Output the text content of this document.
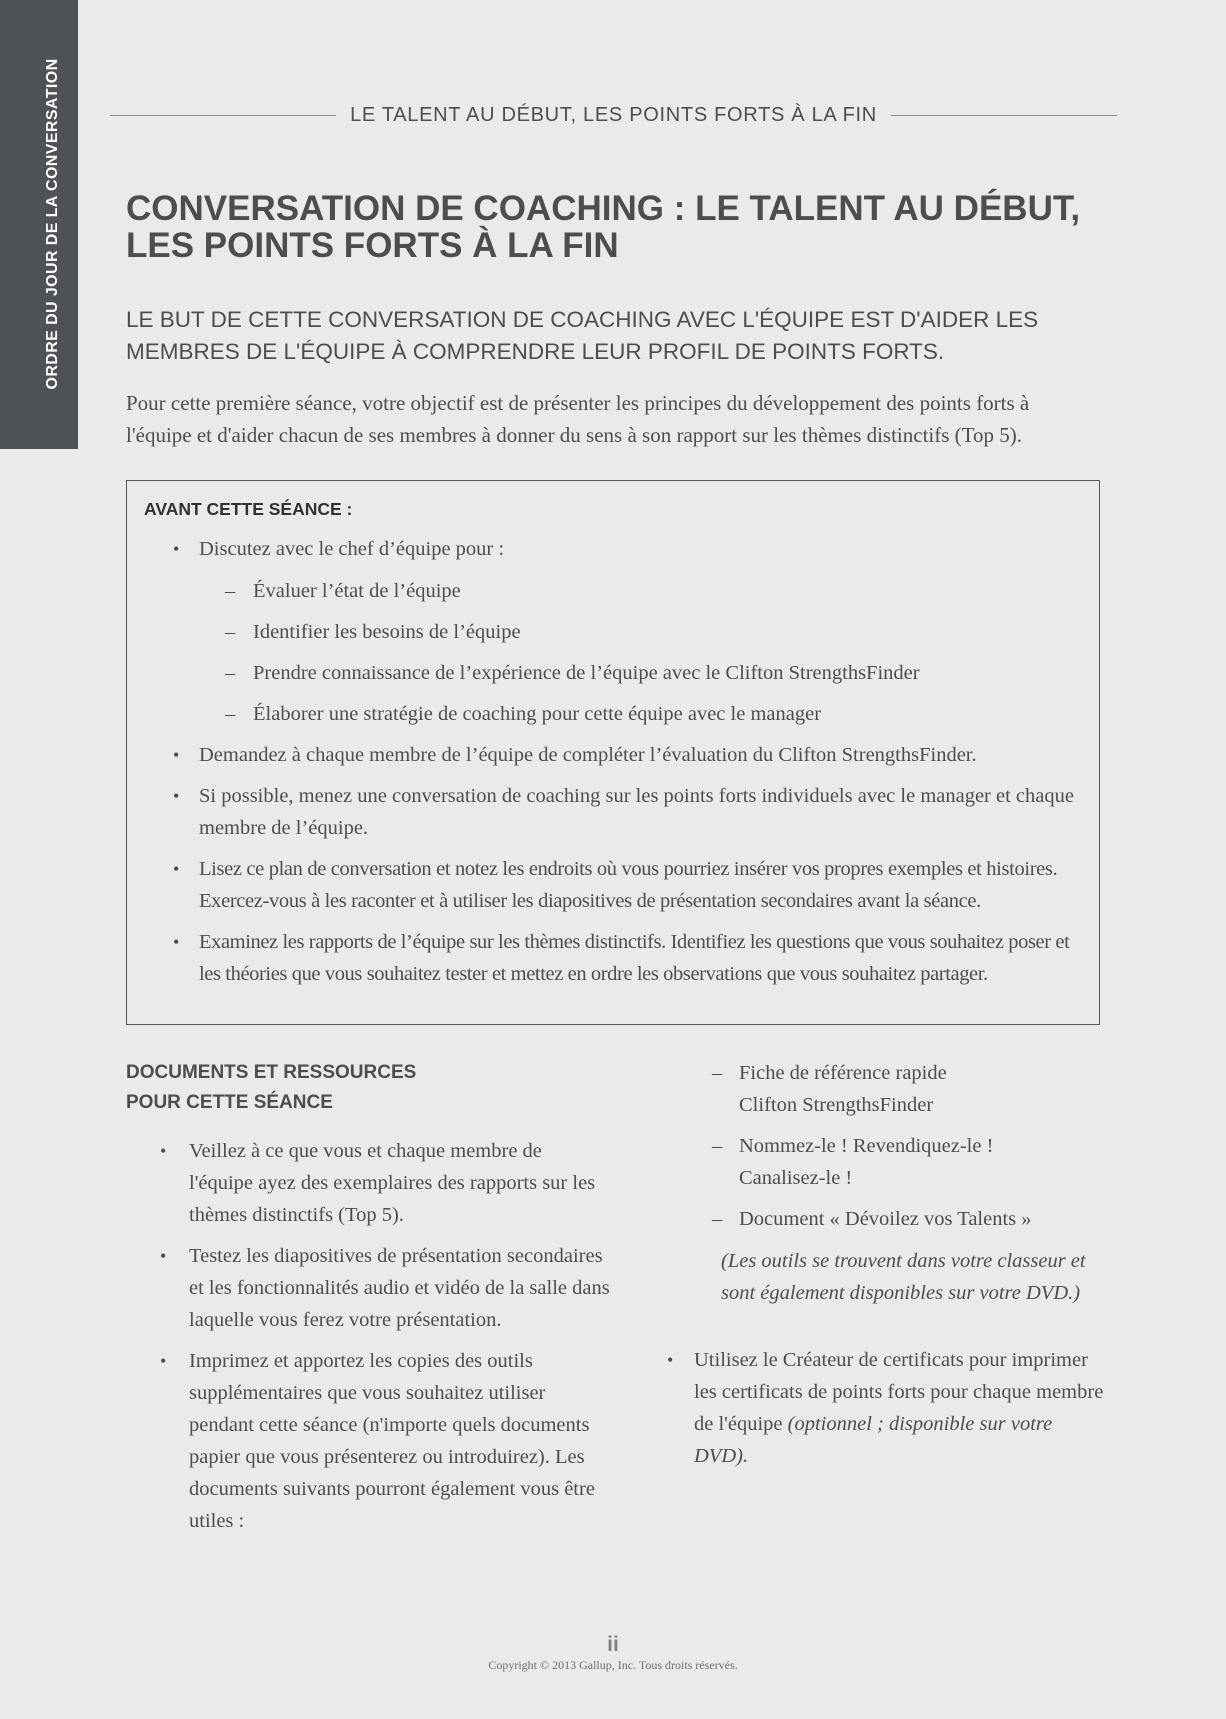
ORDRE DU JOUR DE LA CONVERSATION	LE TALENT AU DÉBUT, LES POINTS FORTS À LA FIN
CONVERSATION DE COACHING : LE TALENT AU DÉBUT,
LES POINTS FORTS À LA FIN
LE BUT DE CETTE CONVERSATION DE COACHING AVEC L'ÉQUIPE EST D'AIDER LES
MEMBRES DE L'ÉQUIPE À COMPRENDRE LEUR PROFIL DE POINTS FORTS.
Pour cette première séance, votre objectif est de présenter les principes du développement des points forts à
l'équipe et d'aider chacun de ses membres à donner du sens à son rapport sur les thèmes distinctifs (Top 5).
AVANT CETTE SÉANCE :
• Discutez avec le chef d’équipe pour :
– Évaluer l’état de l’équipe
– Identifier les besoins de l’équipe
– Prendre connaissance de l’expérience de l’équipe avec le Clifton StrengthsFinder
– Élaborer une stratégie de coaching pour cette équipe avec le manager
• Demandez à chaque membre de l’équipe de compléter l’évaluation du Clifton StrengthsFinder.
• Si possible, menez une conversation de coaching sur les points forts individuels avec le manager et chaque membre de l’équipe.
• Lisez ce plan de conversation et notez les endroits où vous pourriez insérer vos propres exemples et histoires. Exercez-vous à les raconter et à utiliser les diapositives de présentation secondaires avant la séance.
• Examinez les rapports de l’équipe sur les thèmes distinctifs. Identifiez les questions que vous souhaitez poser et les théories que vous souhaitez tester et mettez en ordre les observations que vous souhaitez partager.
DOCUMENTS ET RESSOURCES
POUR CETTE SÉANCE
• Veillez à ce que vous et chaque membre de l'équipe ayez des exemplaires des rapports sur les thèmes distinctifs (Top 5).
• Testez les diapositives de présentation secondaires et les fonctionnalités audio et vidéo de la salle dans laquelle vous ferez votre présentation.
• Imprimez et apportez les copies des outils supplémentaires que vous souhaitez utiliser pendant cette séance (n'importe quels documents papier que vous présenterez ou introduirez). Les documents suivants pourront également vous être utiles :
– Fiche de référence rapide
Clifton StrengthsFinder
– Nommez-le ! Revendiquez-le !
Canalisez-le !
– Document « Dévoilez vos Talents »
(Les outils se trouvent dans votre classeur et
sont également disponibles sur votre DVD.)
• Utilisez le Créateur de certificats pour imprimer les certificats de points forts pour chaque membre de l'équipe (optionnel ; disponible sur votre DVD).
ii
Copyright © 2013 Gallup, Inc. Tous droits réservés.
